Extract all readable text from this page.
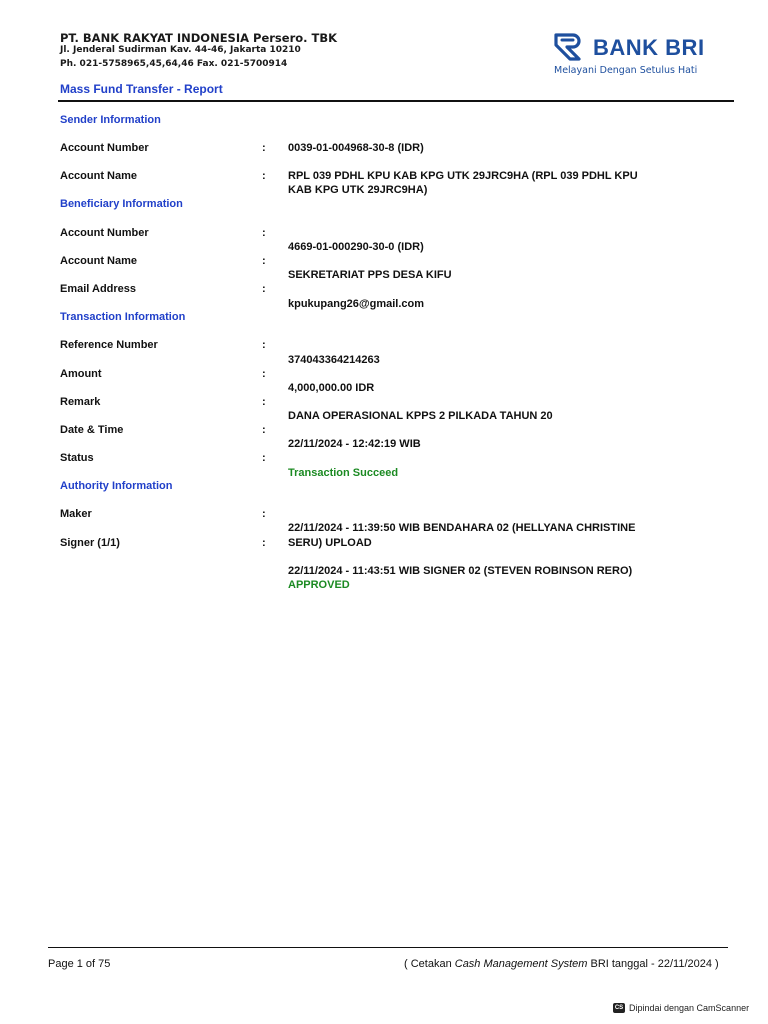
PT. BANK RAKYAT INDONESIA Persero. TBK
Jl. Jenderal Sudirman Kav. 44-46, Jakarta 10210
Ph. 021-5758965,45,64,46 Fax. 021-5700914
BANK BRI
Melayani Dengan Setulus Hati
Mass Fund Transfer - Report
Sender Information
Account Number	: 0039-01-004968-30-8 (IDR)
Account Name	: RPL 039 PDHL KPU KAB KPG UTK 29JRC9HA (RPL 039 PDHL KPU
KAB KPG UTK 29JRC9HA)
Beneficiary Information
Account Number	:
4669-01-000290-30-0 (IDR)
Account Name	:
SEKRETARIAT PPS DESA KIFU
Email Address	:
kpukupang26@gmail.com
Transaction Information
Reference Number	:
374043364214263
Amount	:
4,000,000.00 IDR
Remark	:
DANA OPERASIONAL KPPS 2 PILKADA TAHUN 20
Date & Time	:
22/11/2024 - 12:42:19 WIB
Status	:
Transaction Succeed
Authority Information
Maker	:
22/11/2024 - 11:39:50 WIB BENDAHARA 02 (HELLYANA CHRISTINE
SERU) UPLOAD
Signer (1/1)	:
22/11/2024 - 11:43:51 WIB SIGNER 02 (STEVEN ROBINSON RERO)
APPROVED
Page 1 of 75	( Cetakan Cash Management System BRI tanggal - 22/11/2024 )
CS Dipindai dengan CamScanner
